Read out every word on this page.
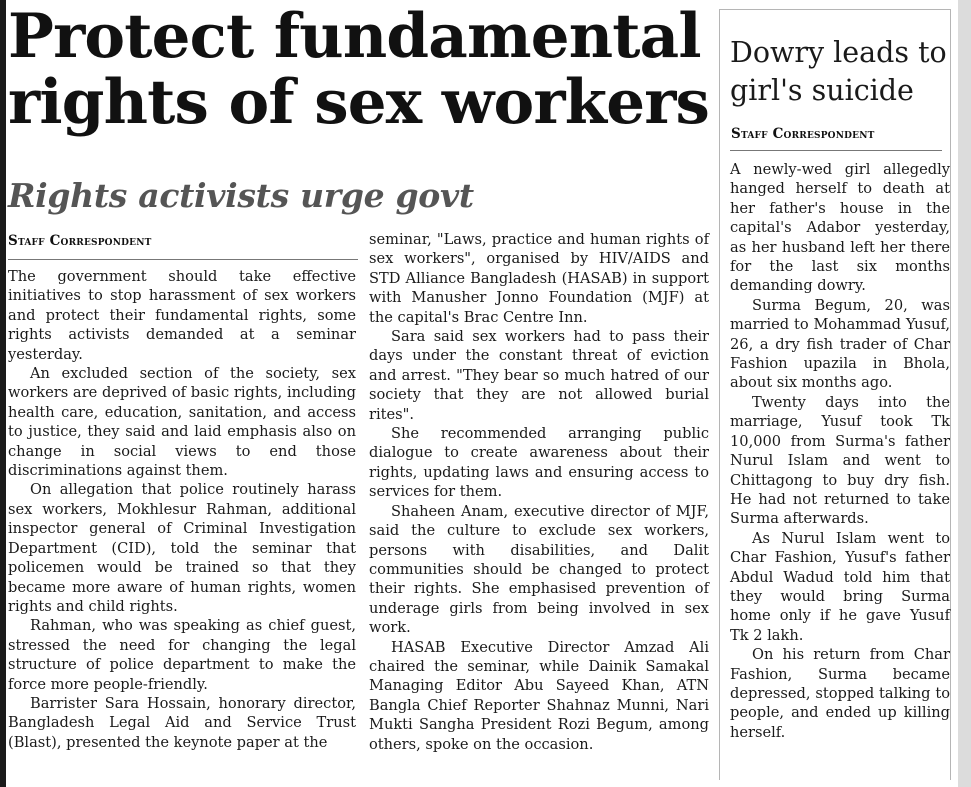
Protect fundamental rights of sex workers
Rights activists urge govt
Staff Correspondent

The government should take effective initiatives to stop harassment of sex workers and protect their fundamental rights, some rights activists demanded at a seminar yesterday.

An excluded section of the society, sex workers are deprived of basic rights, including health care, education, sanitation, and access to justice, they said and laid emphasis also on change in social views to end those discriminations against them.

On allegation that police routinely harass sex workers, Mokhlesur Rahman, additional inspector general of Criminal Investigation Department (CID), told the seminar that policemen would be trained so that they became more aware of human rights, women rights and child rights.

Rahman, who was speaking as chief guest, stressed the need for changing the legal structure of police department to make the force more people-friendly.

Barrister Sara Hossain, honorary director, Bangladesh Legal Aid and Service Trust (Blast), presented the keynote paper at the

seminar, "Laws, practice and human rights of sex workers", organised by HIV/AIDS and STD Alliance Bangladesh (HASAB) in support with Manusher Jonno Foundation (MJF) at the capital's Brac Centre Inn.

Sara said sex workers had to pass their days under the constant threat of eviction and arrest. "They bear so much hatred of our society that they are not allowed burial rites".

She recommended arranging public dialogue to create awareness about their rights, updating laws and ensuring access to services for them.

Shaheen Anam, executive director of MJF, said the culture to exclude sex workers, persons with disabilities, and Dalit communities should be changed to protect their rights. She emphasised prevention of underage girls from being involved in sex work.

HASAB Executive Director Amzad Ali chaired the seminar, while Dainik Samakal Managing Editor Abu Sayeed Khan, ATN Bangla Chief Reporter Shahnaz Munni, Nari Mukti Sangha President Rozi Begum, among others, spoke on the occasion.

Dowry leads to girl's suicide
Staff Correspondent

A newly-wed girl allegedly hanged herself to death at her father's house in the capital's Adabor yesterday, as her husband left her there for the last six months demanding dowry.

Surma Begum, 20, was married to Mohammad Yusuf, 26, a dry fish trader of Char Fashion upazila in Bhola, about six months ago.

Twenty days into the marriage, Yusuf took Tk 10,000 from Surma's father Nurul Islam and went to Chittagong to buy dry fish. He had not returned to take Surma afterwards.

As Nurul Islam went to Char Fashion, Yusuf's father Abdul Wadud told him that they would bring Surma home only if he gave Yusuf Tk 2 lakh.

On his return from Char Fashion, Surma became depressed, stopped talking to people, and ended up killing herself.
